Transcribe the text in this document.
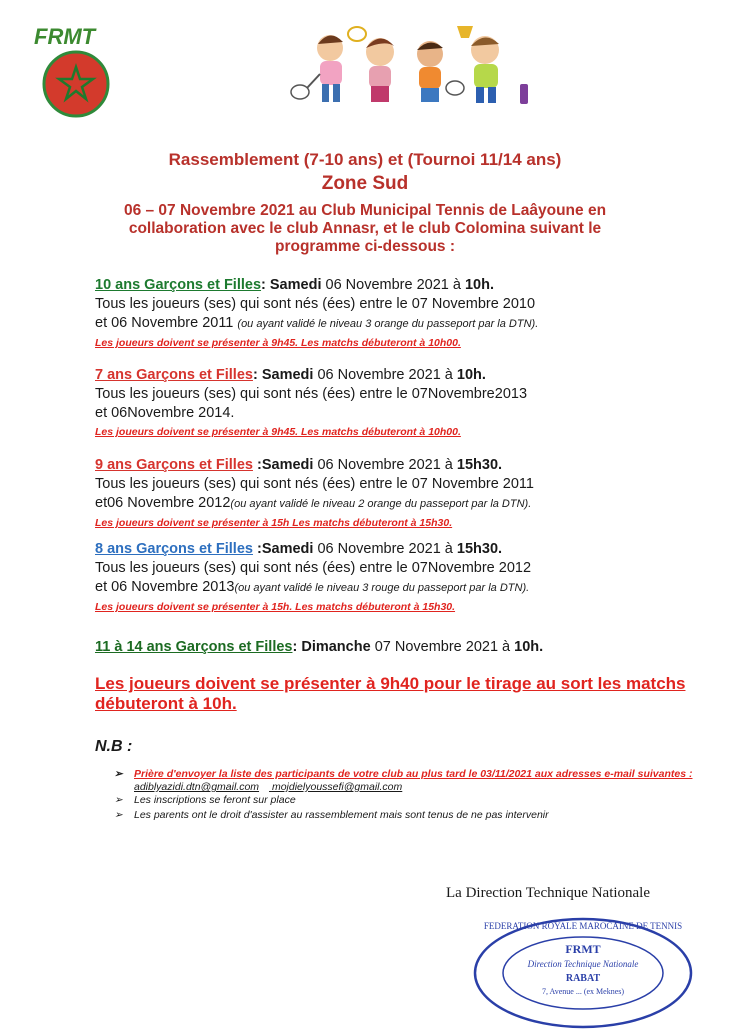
FRMT
Rassemblement (7-10 ans) et (Tournoi 11/14 ans)
Zone Sud
06 – 07 Novembre 2021 au Club Municipal Tennis de Laâyoune en
collaboration avec le club Annasr, et le club Colomina suivant le
programme ci-dessous :
10 ans Garçons et Filles: Samedi 06 Novembre 2021 à 10h.
Tous les joueurs (ses) qui sont nés (ées) entre le 07 Novembre 2010
et 06 Novembre 2011 (ou ayant validé le niveau 3 orange du passeport par la DTN).
Les joueurs doivent se présenter à 9h45. Les matchs débuteront à 10h00.
7 ans Garçons et Filles: Samedi 06 Novembre 2021 à 10h.
Tous les joueurs (ses) qui sont nés (ées) entre le 07Novembre2013
et 06Novembre 2014.
Les joueurs doivent se présenter à 9h45. Les matchs débuteront à 10h00.
9 ans Garçons et Filles :Samedi 06 Novembre 2021 à 15h30.
Tous les joueurs (ses) qui sont nés (ées) entre le 07 Novembre 2011
et06 Novembre 2012(ou ayant validé le niveau 2 orange du passeport par la DTN).
Les joueurs doivent se présenter à 15h Les matchs débuteront à 15h30.
8 ans Garçons et Filles :Samedi 06 Novembre 2021 à 15h30.
Tous les joueurs (ses) qui sont nés (ées) entre le 07Novembre 2012
et 06 Novembre 2013(ou ayant validé le niveau 3 rouge du passeport par la DTN).
Les joueurs doivent se présenter à 15h. Les matchs débuteront à 15h30.
11 à 14 ans Garçons et Filles: Dimanche 07 Novembre 2021 à 10h.
Les joueurs doivent se présenter à 9h40 pour le tirage au sort les matchs débuteront à 10h.
N.B :
➢ Prière d'envoyer la liste des participants de votre club au plus tard le 03/11/2021 aux adresses e-mail suivantes :
adiblyazidi.dtn@gmail.com mojdielyoussefi@gmail.com
➢ Les inscriptions se feront sur place
➢ Les parents ont le droit d'assister au rassemblement mais sont tenus de ne pas intervenir
La Direction Technique Nationale
FEDERATION ROYALE MAROCAINE DE TENNIS
FRMT
Direction Technique Nationale
RABAT
7, Avenue ... (ex Meknes)
